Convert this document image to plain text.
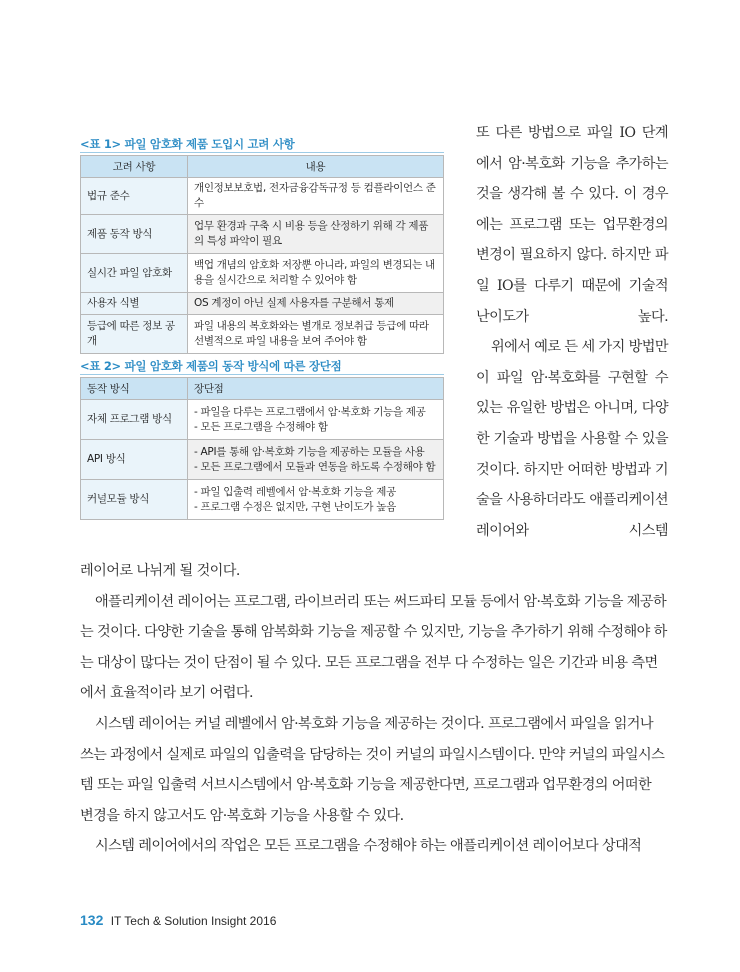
<표 1> 파일 암호화 제품 도입시 고려 사항
고려 사항	내용
법규 준수	개인정보보호법, 전자금융감독규정 등 컴플라이언스 준수
제품 동작 방식	업무 환경과 구축 시 비용 등을 산정하기 위해 각 제품의 특성 파악이 필요
실시간 파일 암호화	백업 개념의 암호화 저장뿐 아니라, 파일의 변경되는 내용을 실시간으로 처리할 수 있어야 함
사용자 식별	OS 계정이 아닌 실제 사용자를 구분해서 통제
등급에 따른 정보 공개	파일 내용의 복호화와는 별개로 정보취급 등급에 따라 선별적으로 파일 내용을 보여 주어야 함
<표 2> 파일 암호화 제품의 동작 방식에 따른 장단점
동작 방식	장단점
자체 프로그램 방식	- 파일을 다루는 프로그램에서 암·복호화 기능을 제공
- 모든 프로그램을 수정해야 함
API 방식	- API를 통해 암·복호화 기능을 제공하는 모듈을 사용
- 모든 프로그램에서 모듈과 연동을 하도록 수정해야 함
커널모듈 방식	- 파일 입출력 레벨에서 암·복호화 기능을 제공
- 프로그램 수정은 없지만, 구현 난이도가 높음

또 다른 방법으로 파일 IO 단계에서 암·복호화 기능을 추가하는 것을 생각해 볼 수 있다. 이 경우에는 프로그램 또는 업무환경의 변경이 필요하지 않다. 하지만 파일 IO를 다루기 때문에 기술적 난이도가 높다.

위에서 예로 든 세 가지 방법만이 파일 암·복호화를 구현할 수 있는 유일한 방법은 아니며, 다양한 기술과 방법을 사용할 수 있을 것이다. 하지만 어떠한 방법과 기술을 사용하더라도 애플리케이션 레이어와 시스템

레이어로 나뉘게 될 것이다.

애플리케이션 레이어는 프로그램, 라이브러리 또는 써드파티 모듈 등에서 암·복호화 기능을 제공하는 것이다. 다양한 기술을 통해 암복화화 기능을 제공할 수 있지만, 기능을 추가하기 위해 수정해야 하는 대상이 많다는 것이 단점이 될 수 있다. 모든 프로그램을 전부 다 수정하는 일은 기간과 비용 측면에서 효율적이라 보기 어렵다.

시스템 레이어는 커널 레벨에서 암·복호화 기능을 제공하는 것이다. 프로그램에서 파일을 읽거나 쓰는 과정에서 실제로 파일의 입출력을 담당하는 것이 커널의 파일시스템이다. 만약 커널의 파일시스템 또는 파일 입출력 서브시스템에서 암·복호화 기능을 제공한다면, 프로그램과 업무환경의 어떠한 변경을 하지 않고서도 암·복호화 기능을 사용할 수 있다.

시스템 레이어에서의 작업은 모든 프로그램을 수정해야 하는 애플리케이션 레이어보다 상대적

132 IT Tech & Solution Insight 2016
